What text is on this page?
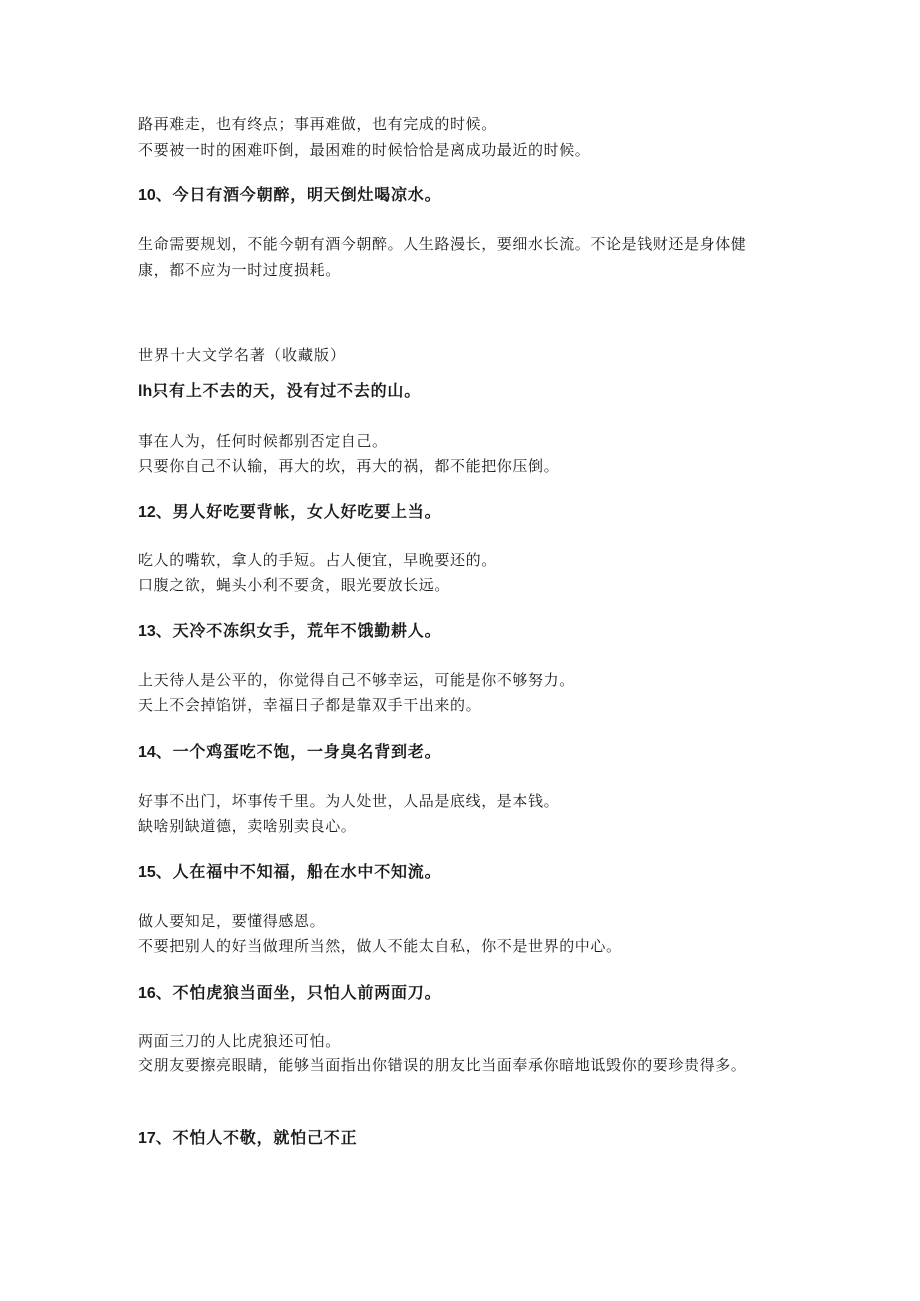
路再难走，也有终点；事再难做，也有完成的时候。
不要被一时的困难吓倒，最困难的时候恰恰是离成功最近的时候。
10、今日有酒今朝醉，明天倒灶喝凉水。
生命需要规划，不能今朝有酒今朝醉。人生路漫长，要细水长流。不论是钱财还是身体健康，都不应为一时过度损耗。
世界十大文学名著（收藏版）
lh只有上不去的天，没有过不去的山。
事在人为，任何时候都别否定自己。
只要你自己不认输，再大的坎，再大的祸，都不能把你压倒。
12、男人好吃要背帐，女人好吃要上当。
吃人的嘴软，拿人的手短。占人便宜，早晚要还的。
口腹之欲，蝇头小利不要贪，眼光要放长远。
13、天冷不冻织女手，荒年不饿勤耕人。
上天待人是公平的，你觉得自己不够幸运，可能是你不够努力。
天上不会掉馅饼，幸福日子都是靠双手干出来的。
14、一个鸡蛋吃不饱，一身臭名背到老。
好事不出门，坏事传千里。为人处世，人品是底线，是本钱。
缺啥别缺道德，卖啥别卖良心。
15、人在福中不知福，船在水中不知流。
做人要知足，要懂得感恩。
不要把别人的好当做理所当然，做人不能太自私，你不是世界的中心。
16、不怕虎狼当面坐，只怕人前两面刀。
两面三刀的人比虎狼还可怕。
交朋友要擦亮眼睛，能够当面指出你错误的朋友比当面奉承你暗地诋毁你的要珍贵得多。
17、不怕人不敬，就怕己不正
